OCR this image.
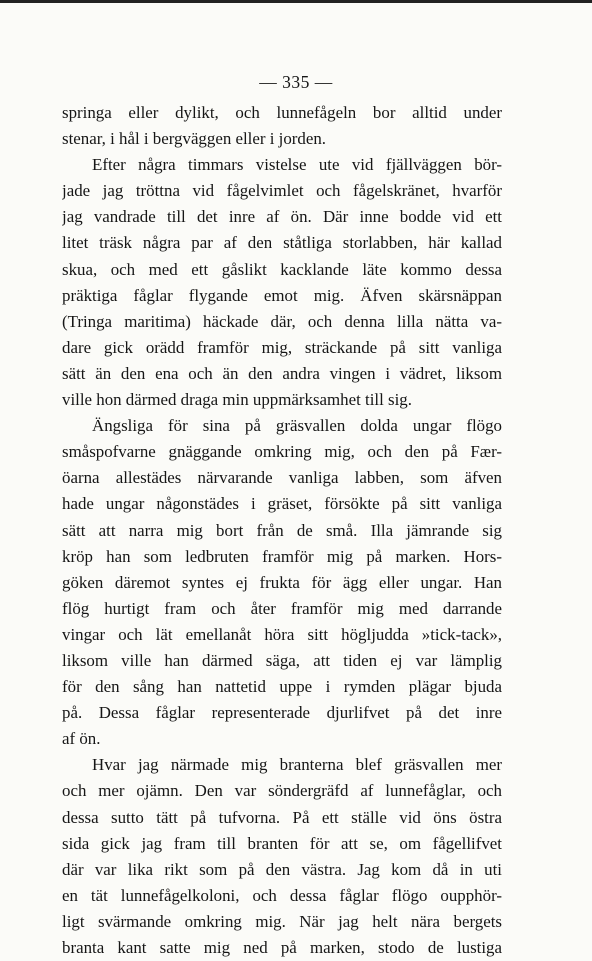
— 335 —
springa eller dylikt, och lunnefågeln bor alltid under
stenar, i hål i bergväggen eller i jorden.
Efter några timmars vistelse ute vid fjällväggen bör-
jade jag tröttna vid fågelvimlet och fågelskränet, hvarför
jag vandrade till det inre af ön. Där inne bodde vid ett
litet träsk några par af den ståtliga storlabben, här kallad
skua, och med ett gåslikt kacklande läte kommo dessa
präktiga fåglar flygande emot mig. Äfven skärsnäppan
(Tringa maritima) häckade där, och denna lilla nätta va-
dare gick orädd framför mig, sträckande på sitt vanliga
sätt än den ena och än den andra vingen i vädret, liksom
ville hon därmed draga min uppmärksamhet till sig.
Ängsliga för sina på gräsvallen dolda ungar flögo
småspofvarne gnäggande omkring mig, och den på Fær-
öarna allestädes närvarande vanliga labben, som äfven
hade ungar någonstädes i gräset, försökte på sitt vanliga
sätt att narra mig bort från de små. Illa jämrande sig
kröp han som ledbruten framför mig på marken. Hors-
göken däremot syntes ej frukta för ägg eller ungar. Han
flög hurtigt fram och åter framför mig med darrande
vingar och lät emellanåt höra sitt högljudda »tick-tack»,
liksom ville han därmed säga, att tiden ej var lämplig
för den sång han nattetid uppe i rymden plägar bjuda
på. Dessa fåglar representerade djurlifvet på det inre
af ön.
Hvar jag närmade mig branterna blef gräsvallen mer
och mer ojämn. Den var söndergräfd af lunnefåglar, och
dessa sutto tätt på tufvorna. På ett ställe vid öns östra
sida gick jag fram till branten för att se, om fågellifvet
där var lika rikt som på den västra. Jag kom då in uti
en tät lunnefågelkoloni, och dessa fåglar flögo oupphör-
ligt svärmande omkring mig. När jag helt nära bergets
branta kant satte mig ned på marken, stodo de lustiga
